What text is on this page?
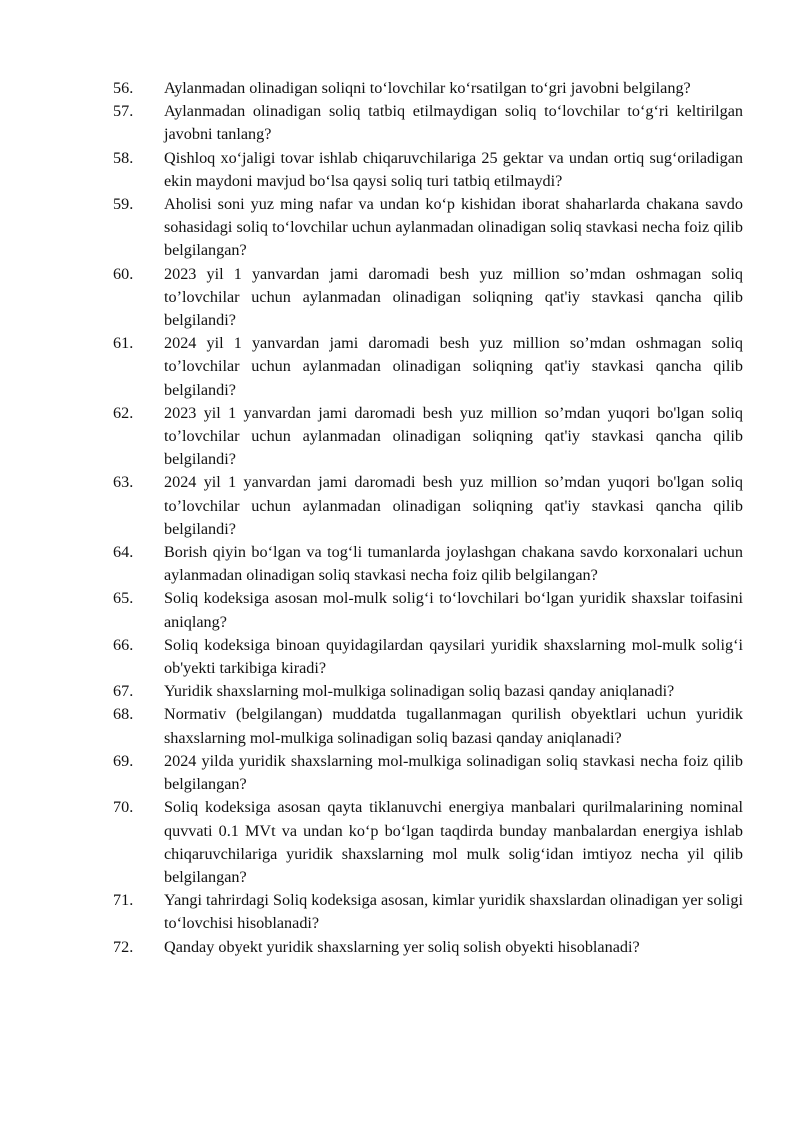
56.	Aylanmadan olinadigan soliqni to‘lovchilar ko‘rsatilgan to‘gri javobni belgilang?
57.	Aylanmadan olinadigan soliq tatbiq etilmaydigan soliq to‘lovchilar to‘g‘ri keltirilgan javobni tanlang?
58.	Qishloq xo‘jaligi tovar ishlab chiqaruvchilariga 25 gektar va undan ortiq sug‘oriladigan ekin maydoni mavjud bo‘lsa qaysi soliq turi tatbiq etilmaydi?
59.	Aholisi soni yuz ming nafar va undan ko‘p kishidan iborat shaharlarda chakana savdo sohasidagi soliq to‘lovchilar uchun aylanmadan olinadigan soliq stavkasi necha foiz qilib belgilangan?
60.	2023 yil 1 yanvardan jami daromadi besh yuz million so’mdan oshmagan soliq to’lovchilar uchun aylanmadan olinadigan soliqning qat'iy stavkasi qancha qilib belgilandi?
61.	2024 yil 1 yanvardan jami daromadi besh yuz million so’mdan oshmagan soliq to’lovchilar uchun aylanmadan olinadigan soliqning qat'iy stavkasi qancha qilib belgilandi?
62.	2023 yil 1 yanvardan jami daromadi besh yuz million so’mdan yuqori bo'lgan soliq to’lovchilar uchun aylanmadan olinadigan soliqning qat'iy stavkasi qancha qilib belgilandi?
63.	2024 yil 1 yanvardan jami daromadi besh yuz million so’mdan yuqori bo'lgan soliq to’lovchilar uchun aylanmadan olinadigan soliqning qat'iy stavkasi qancha qilib belgilandi?
64.	Borish qiyin bo‘lgan va tog‘li tumanlarda joylashgan chakana savdo korxonalari uchun aylanmadan olinadigan soliq stavkasi necha foiz qilib belgilangan?
65.	Soliq kodeksiga asosan mol-mulk solig‘i to‘lovchilari bo‘lgan yuridik shaxslar toifasini aniqlang?
66.	Soliq kodeksiga binoan quyidagilardan qaysilari yuridik shaxslarning mol-mulk solig‘i ob'yekti tarkibiga kiradi?
67.	Yuridik shaxslarning mol-mulkiga solinadigan soliq bazasi qanday aniqlanadi?
68.	Normativ (belgilangan) muddatda tugallanmagan qurilish obyektlari uchun yuridik shaxslarning mol-mulkiga solinadigan soliq bazasi qanday aniqlanadi?
69.	2024 yilda yuridik shaxslarning mol-mulkiga solinadigan soliq stavkasi necha foiz qilib belgilangan?
70.	Soliq kodeksiga asosan qayta tiklanuvchi energiya manbalari qurilmalarining nominal quvvati 0.1 MVt va undan ko‘p bo‘lgan taqdirda bunday manbalardan energiya ishlab chiqaruvchilariga yuridik shaxslarning mol mulk solig‘idan imtiyoz necha yil qilib belgilangan?
71.	Yangi tahrirdagi Soliq kodeksiga asosan, kimlar yuridik shaxslardan olinadigan yer soligi to‘lovchisi hisoblanadi?
72.	Qanday obyekt yuridik shaxslarning yer soliq solish obyekti hisoblanadi?
